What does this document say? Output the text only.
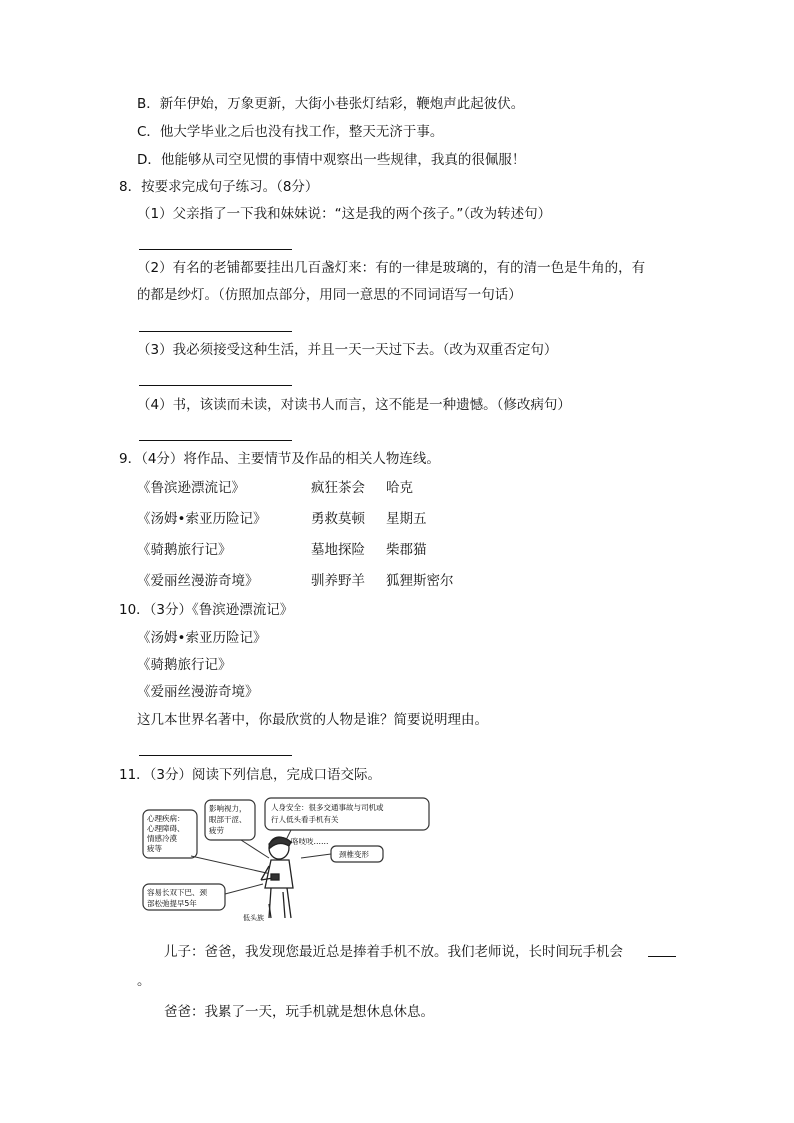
B．新年伊始，万象更新，大街小巷张灯结彩，鞭炮声此起彼伏。
C．他大学毕业之后也没有找工作，整天无济于事。
D．他能够从司空见惯的事情中观察出一些规律，我真的很佩服！
8．按要求完成句子练习。（8分）
（1）父亲指了一下我和妹妹说：“这是我的两个孩子。”（改为转述句）
（2）有名的老铺都要挂出几百盏灯来：有的一律是玻璃的，有的清一色是牛角的，有
的都是纱灯。（仿照加点部分，用同一意思的不同词语写一句话）
（3）我必须接受这种生活，并且一天一天过下去。（改为双重否定句）
（4）书，该读而未读，对读书人而言，这不能是一种遗憾。（修改病句）
9．（4分）将作品、主要情节及作品的相关人物连线。
《鲁滨逊漂流记》	疯狂茶会 哈克
《汤姆•索亚历险记》	勇救莫顿 星期五
《骑鹅旅行记》	墓地探险 柴郡猫
《爱丽丝漫游奇境》	驯养野羊 狐狸斯密尔
10．（3分）《鲁滨逊漂流记》
《汤姆•索亚历险记》
《骑鹅旅行记》
《爱丽丝漫游奇境》
这几本世界名著中，你最欣赏的人物是谁？简要说明理由。
11．（3分）阅读下列信息，完成口语交际。
心理疾病：
心理障碍、
情感冷漠
疲等
影响视力，
眼部干涩、
疲劳
人身安全：很多交通事故与司机或
行人低头看手机有关
咯吱吱……
颈椎变形
容易长双下巴、颈
部松弛提早5年
低头族
儿子：爸爸，我发现您最近总是捧着手机不放。我们老师说，长时间玩手机会
。
爸爸：我累了一天，玩手机就是想休息休息。
